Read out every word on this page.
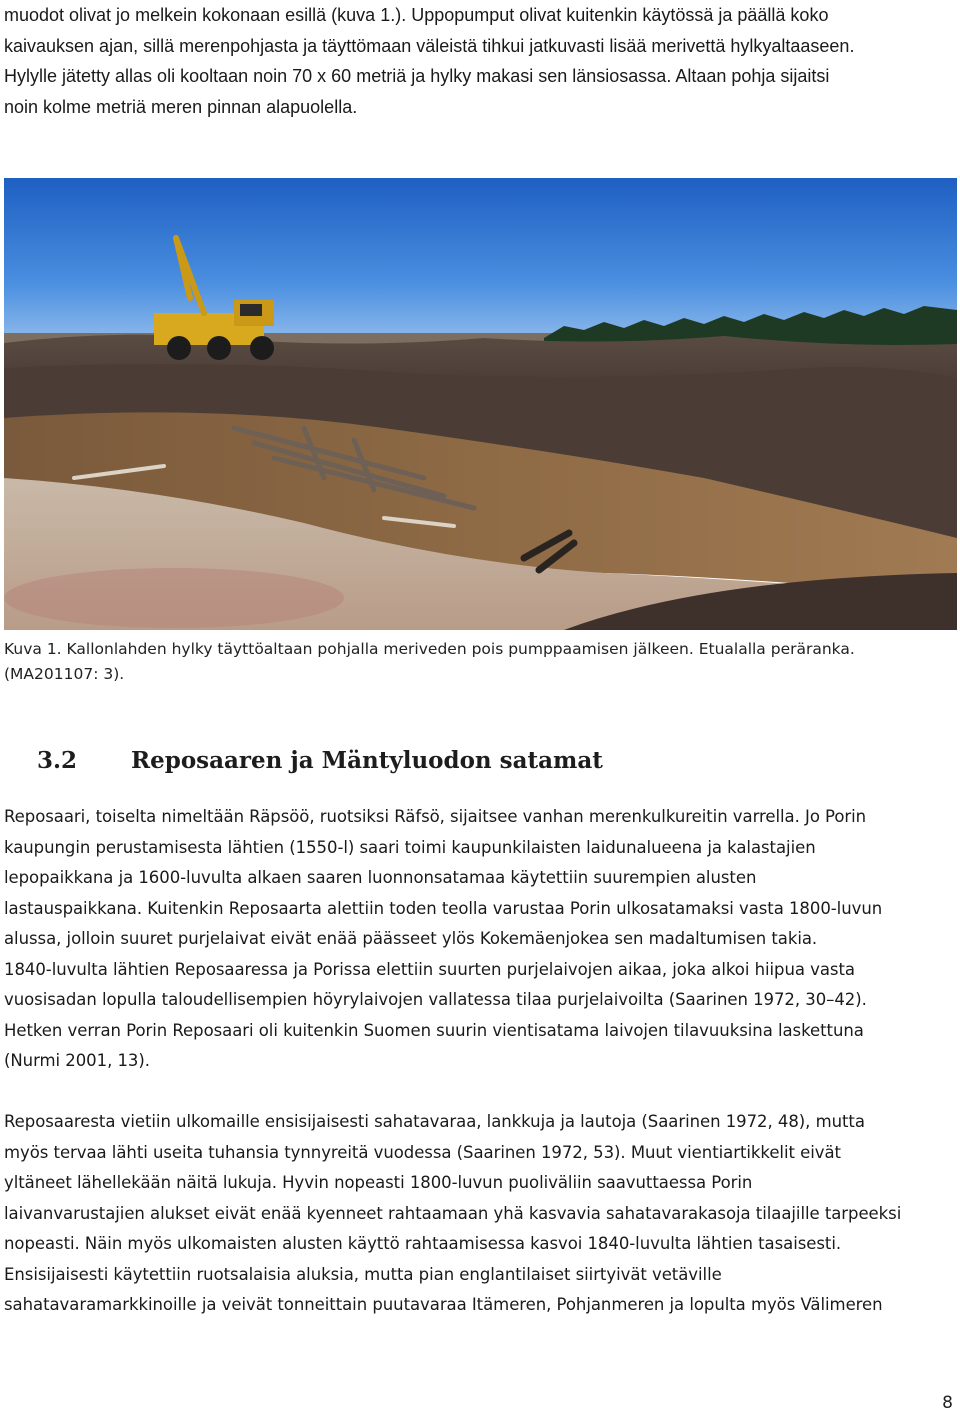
muodot olivat jo melkein kokonaan esillä (kuva 1.). Uppopumput olivat kuitenkin käytössä ja päällä koko
kaivauksen ajan, sillä merenpohjasta ja täyttömaan väleistä tihkui jatkuvasti lisää merivettä hylkyaltaaseen.
Hylylle jätetty allas oli kooltaan noin 70 x 60 metriä ja hylky makasi sen länsiosassa. Altaan pohja sijaitsi
noin kolme metriä meren pinnan alapuolella.
Kuva 1. Kallonlahden hylky täyttöaltaan pohjalla meriveden pois pumppaamisen jälkeen. Etualalla peräranka.
(MA201107: 3).
3.2 Reposaaren ja Mäntyluodon satamat
Reposaari, toiselta nimeltään Räpsöö, ruotsiksi Räfsö, sijaitsee vanhan merenkulkureitin varrella. Jo Porin
kaupungin perustamisesta lähtien (1550-l) saari toimi kaupunkilaisten laidunalueena ja kalastajien
lepopaikkana ja 1600-luvulta alkaen saaren luonnonsatamaa käytettiin suurempien alusten
lastauspaikkana. Kuitenkin Reposaarta alettiin toden teolla varustaa Porin ulkosatamaksi vasta 1800-luvun
alussa, jolloin suuret purjelaivat eivät enää päässeet ylös Kokemäenjokea sen madaltumisen takia.
1840-luvulta lähtien Reposaaressa ja Porissa elettiin suurten purjelaivojen aikaa, joka alkoi hiipua vasta
vuosisadan lopulla taloudellisempien höyrylaivojen vallatessa tilaa purjelaivoilta (Saarinen 1972, 30–42).
Hetken verran Porin Reposaari oli kuitenkin Suomen suurin vientisatama laivojen tilavuuksina laskettuna
(Nurmi 2001, 13).
Reposaaresta vietiin ulkomaille ensisijaisesti sahatavaraa, lankkuja ja lautoja (Saarinen 1972, 48), mutta
myös tervaa lähti useita tuhansia tynnyreitä vuodessa (Saarinen 1972, 53). Muut vientiartikkelit eivät
yltäneet lähellekään näitä lukuja. Hyvin nopeasti 1800-luvun puoliväliin saavuttaessa Porin
laivanvarustajien alukset eivät enää kyenneet rahtaamaan yhä kasvavia sahatavarakasoja tilaajille tarpeeksi
nopeasti. Näin myös ulkomaisten alusten käyttö rahtaamisessa kasvoi 1840-luvulta lähtien tasaisesti.
Ensisijaisesti käytettiin ruotsalaisia aluksia, mutta pian englantilaiset siirtyivät vetäville
sahatavaramarkkinoille ja veivät tonneittain puutavaraa Itämeren, Pohjanmeren ja lopulta myös Välimeren
8
